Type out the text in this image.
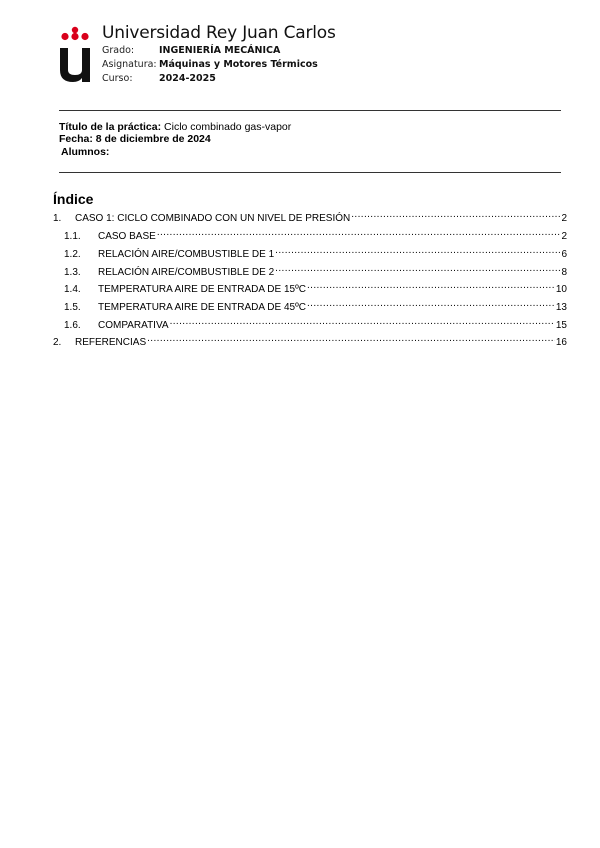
Universidad Rey Juan Carlos
Grado:	INGENIERÍA MECÁNICA
Asignatura: Máquinas y Motores Térmicos
Curso:	2024-2025
Título de la práctica: Ciclo combinado gas-vapor
Fecha: 8 de diciembre de 2024
Alumnos:
Índice
1.	CASO 1: CICLO COMBINADO CON UN NIVEL DE PRESIÓN .....	2
1.1.	CASO BASE .....	2
1.2.	RELACIÓN AIRE/COMBUSTIBLE DE 1 .....	6
1.3.	RELACIÓN AIRE/COMBUSTIBLE DE 2 .....	8
1.4.	TEMPERATURA AIRE DE ENTRADA DE 15ºC .....	10
1.5.	TEMPERATURA AIRE DE ENTRADA DE 45ºC .....	13
1.6.	COMPARATIVA .....	15
2.	REFERENCIAS .....	16
